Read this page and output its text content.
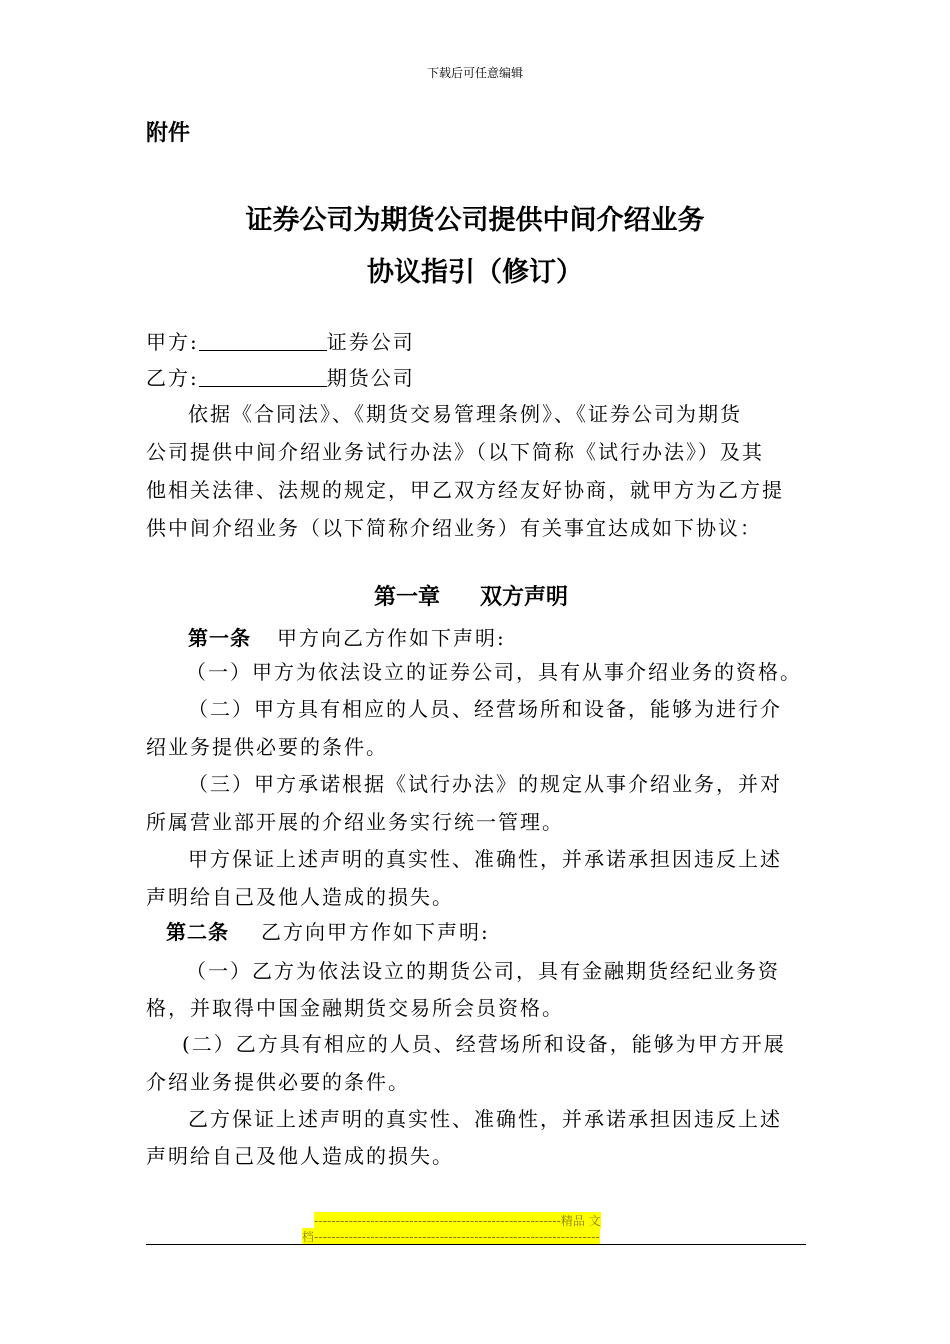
下载后可任意编辑
附件
证券公司为期货公司提供中间介绍业务
协议指引（修订）
甲方:	证券公司
乙方:	期货公司
依据《合同法》、《期货交易管理条例》、《证券公司为期货
公司提供中间介绍业务试行办法》（以下简称《试行办法》）及其
他相关法律、法规的规定，甲乙双方经友好协商，就甲方为乙方提
供中间介绍业务（以下简称介绍业务）有关事宜达成如下协议：
第一章 双方声明
第一条 甲方向乙方作如下声明:
（一）甲方为依法设立的证券公司，具有从事介绍业务的资格。
（二）甲方具有相应的人员、经营场所和设备，能够为进行介
绍业务提供必要的条件。
（三）甲方承诺根据《试行办法》的规定从事介绍业务，并对
所属营业部开展的介绍业务实行统一管理。
甲方保证上述声明的真实性、准确性，并承诺承担因违反上述
声明给自己及他人造成的损失。
第二条 乙方向甲方作如下声明:
（一）乙方为依法设立的期货公司，具有金融期货经纪业务资
格，并取得中国金融期货交易所会员资格。
(二）乙方具有相应的人员、经营场所和设备，能够为甲方开展
介绍业务提供必要的条件。
乙方保证上述声明的真实性、准确性，并承诺承担因违反上述
声明给自己及他人造成的损失。
---------------------------------------------------------精品 文
档------------------------------------------------------------------
